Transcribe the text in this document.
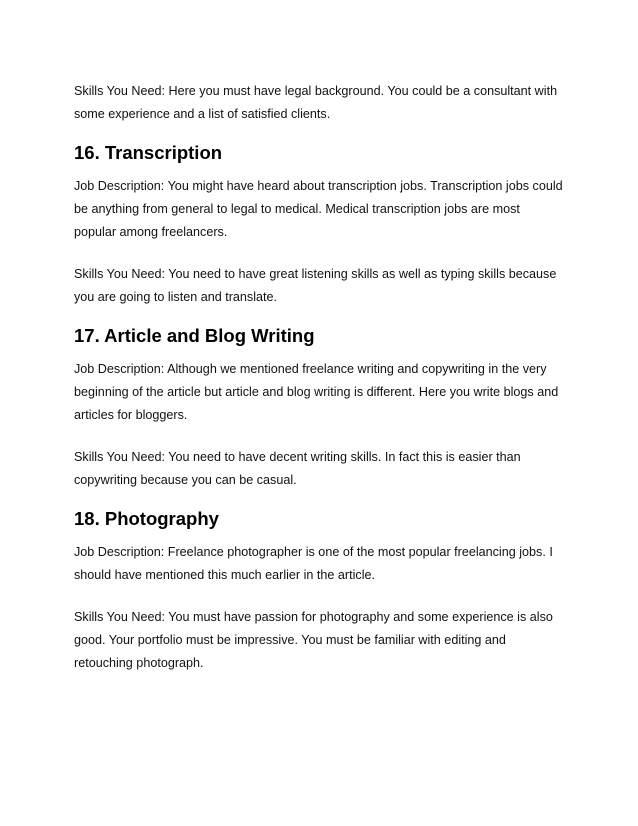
Skills You Need: Here you must have legal background. You could be a consultant with
some experience and a list of satisfied clients.

16. Transcription

Job Description: You might have heard about transcription jobs. Transcription jobs could
be anything from general to legal to medical. Medical transcription jobs are most
popular among freelancers.

Skills You Need: You need to have great listening skills as well as typing skills because
you are going to listen and translate.

17. Article and Blog Writing

Job Description: Although we mentioned freelance writing and copywriting in the very
beginning of the article but article and blog writing is different. Here you write blogs and
articles for bloggers.

Skills You Need: You need to have decent writing skills. In fact this is easier than
copywriting because you can be casual.

18. Photography

Job Description: Freelance photographer is one of the most popular freelancing jobs. I
should have mentioned this much earlier in the article.

Skills You Need: You must have passion for photography and some experience is also
good. Your portfolio must be impressive. You must be familiar with editing and
retouching photograph.
